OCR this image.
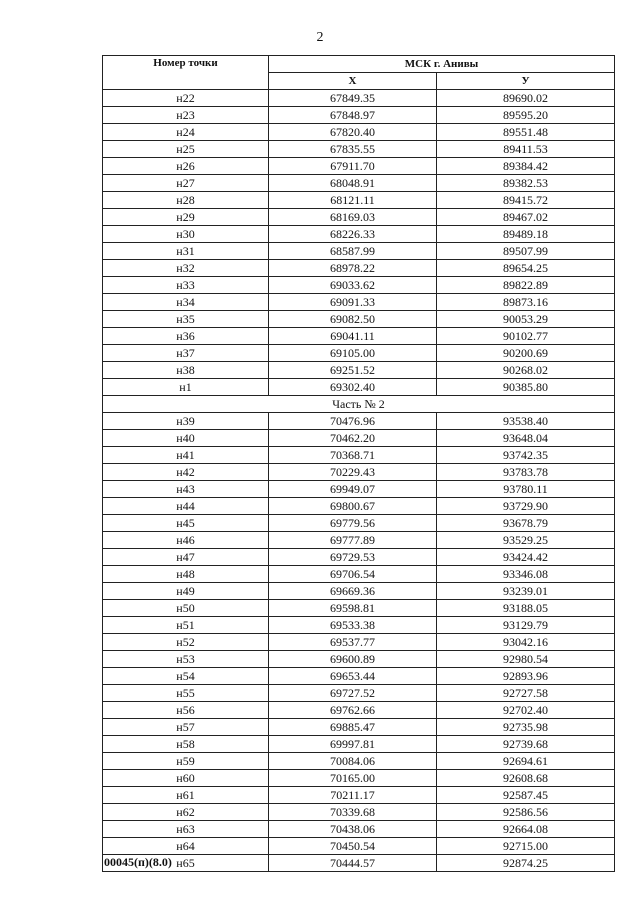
2
Номер точки	МСК г. Анивы	
	Х	У
н22	67849.35	89690.02
н23	67848.97	89595.20
н24	67820.40	89551.48
н25	67835.55	89411.53
н26	67911.70	89384.42
н27	68048.91	89382.53
н28	68121.11	89415.72
н29	68169.03	89467.02
н30	68226.33	89489.18
н31	68587.99	89507.99
н32	68978.22	89654.25
н33	69033.62	89822.89
н34	69091.33	89873.16
н35	69082.50	90053.29
н36	69041.11	90102.77
н37	69105.00	90200.69
н38	69251.52	90268.02
н1	69302.40	90385.80
Часть № 2		
н39	70476.96	93538.40
н40	70462.20	93648.04
н41	70368.71	93742.35
н42	70229.43	93783.78
н43	69949.07	93780.11
н44	69800.67	93729.90
н45	69779.56	93678.79
н46	69777.89	93529.25
н47	69729.53	93424.42
н48	69706.54	93346.08
н49	69669.36	93239.01
н50	69598.81	93188.05
н51	69533.38	93129.79
н52	69537.77	93042.16
н53	69600.89	92980.54
н54	69653.44	92893.96
н55	69727.52	92727.58
н56	69762.66	92702.40
н57	69885.47	92735.98
н58	69997.81	92739.68
н59	70084.06	92694.61
н60	70165.00	92608.68
н61	70211.17	92587.45
н62	70339.68	92586.56
н63	70438.06	92664.08
н64	70450.54	92715.00
н65	70444.57	92874.25
00045(п)(8.0)
